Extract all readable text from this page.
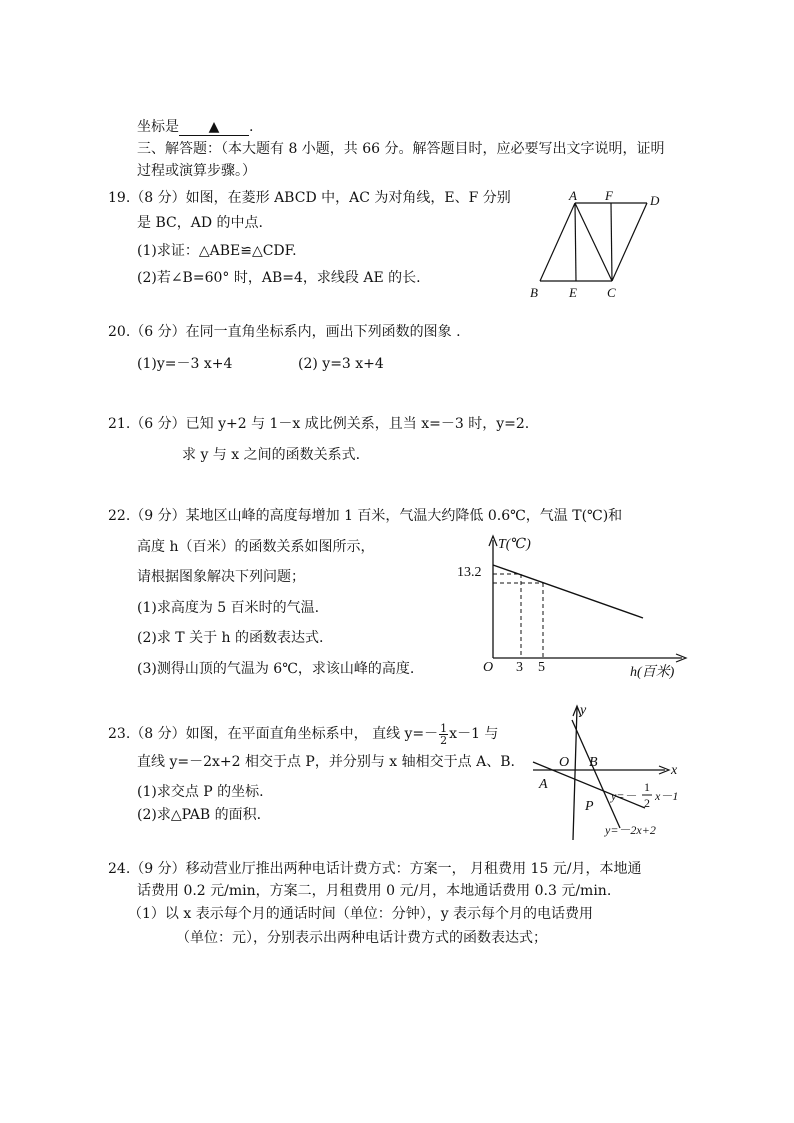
坐标是 ▲ .
三、解答题：（本大题有 8 小题，共 66 分。解答题目时，应必要写出文字说明，证明
过程或演算步骤。）
19.（8 分）如图，在菱形 ABCD 中，AC 为对角线，E、F 分别
是 BC，AD 的中点.
(1)求证：△ABE≌△CDF.
(2)若∠B=60° 时，AB=4，求线段 AE 的长.
A F	D
B E C
20.（6 分）在同一直角坐标系内，画出下列函数的图象 .
(1)y=－3 x+4	(2) y=3 x+4
21.（6 分）已知 y+2 与 1－x 成比例关系，且当 x=－3 时，y=2.
求 y 与 x 之间的函数关系式.
22.（9 分）某地区山峰的高度每增加 1 百米，气温大约降低 0.6℃，气温 T(℃)和
高度 h（百米）的函数关系如图所示，
请根据图象解决下列问题；
(1)求高度为 5 百米时的气温.
(2)求 T 关于 h 的函数表达式.
(3)测得山顶的气温为 6℃，求该山峰的高度.
T(℃)
13.2
O 3 5	h(百米)
23.（8 分）如图，在平面直角坐标系中， 直线 $y=- \frac{1}{2} x-1$ 与
直线 y=－2x+2 相交于点 P，并分别与 x 轴相交于点 A、B.
(1)求交点 P 的坐标.
(2)求△PAB 的面积.
y
x
O B
A
P
y=－
1
2 x－1
y=－2x+2
24.（9 分）移动营业厅推出两种电话计费方式：方案一， 月租费用 15 元/月，本地通
话费用 0.2 元/min，方案二，月租费用 0 元/月，本地通话费用 0.3 元/min.
（1）以 x 表示每个月的通话时间（单位：分钟），y 表示每个月的电话费用
（单位：元），分别表示出两种电话计费方式的函数表达式；
